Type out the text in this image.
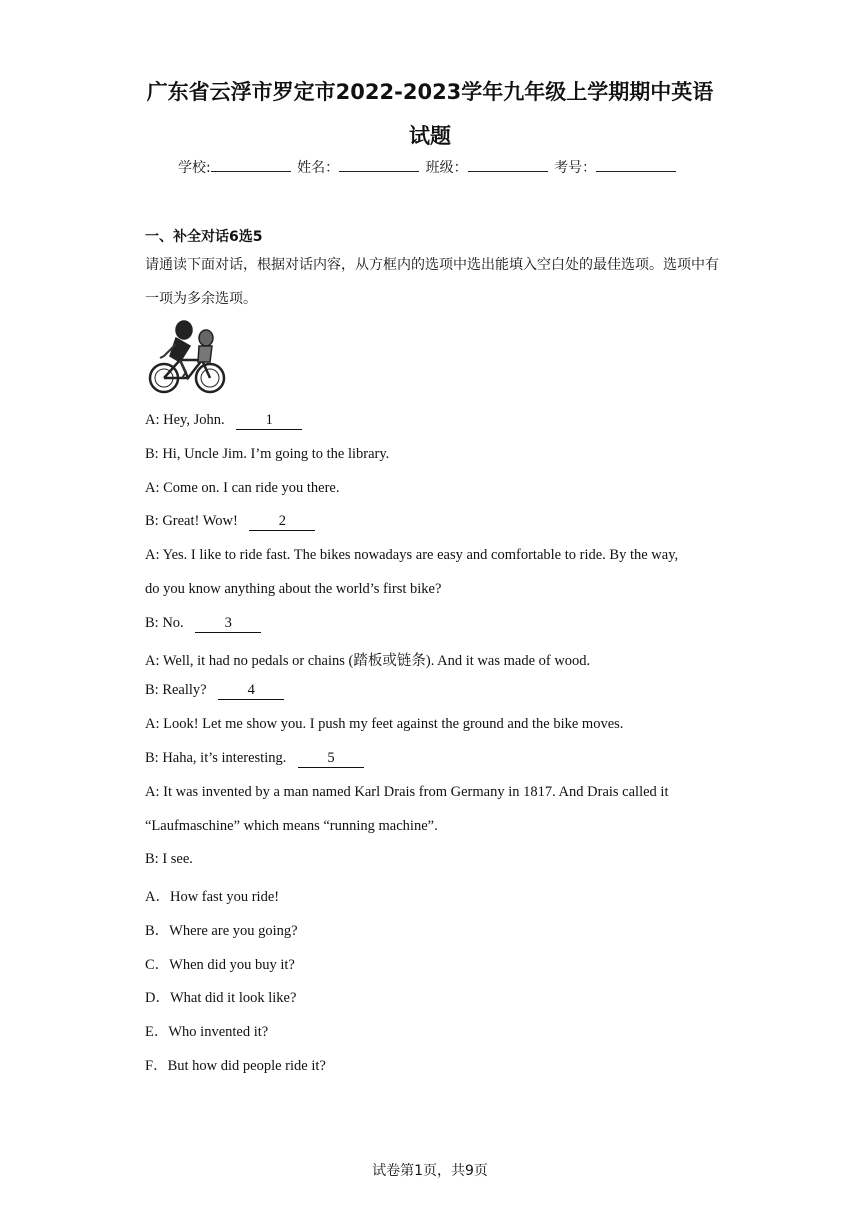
广东省云浮市罗定市2022-2023学年九年级上学期期中英语
试题
学校:	姓名：	班级：	考号：
一、补全对话6选5
请通读下面对话，根据对话内容，从方框内的选项中选出能填入空白处的最佳选项。选项中有一项为多余选项。
A: Hey, John.	1
B: Hi, Uncle Jim. I’m going to the library.
A: Come on. I can ride you there.
B: Great! Wow!	2
A: Yes. I like to ride fast. The bikes nowadays are easy and comfortable to ride. By the way,
do you know anything about the world’s first bike?
B: No.	3
A: Well, it had no pedals or chains (踏板或链条). And it was made of wood.
B: Really?	4
A: Look! Let me show you. I push my feet against the ground and the bike moves.
B: Haha, it’s interesting.	5
A: It was invented by a man named Karl Drais from Germany in 1817. And Drais called it
“Laufmaschine” which means “running machine”.
B: I see.
A．How fast you ride!
B．Where are you going?
C．When did you buy it?
D．What did it look like?
E．Who invented it?
F．But how did people ride it?
试卷第1页，共9页
